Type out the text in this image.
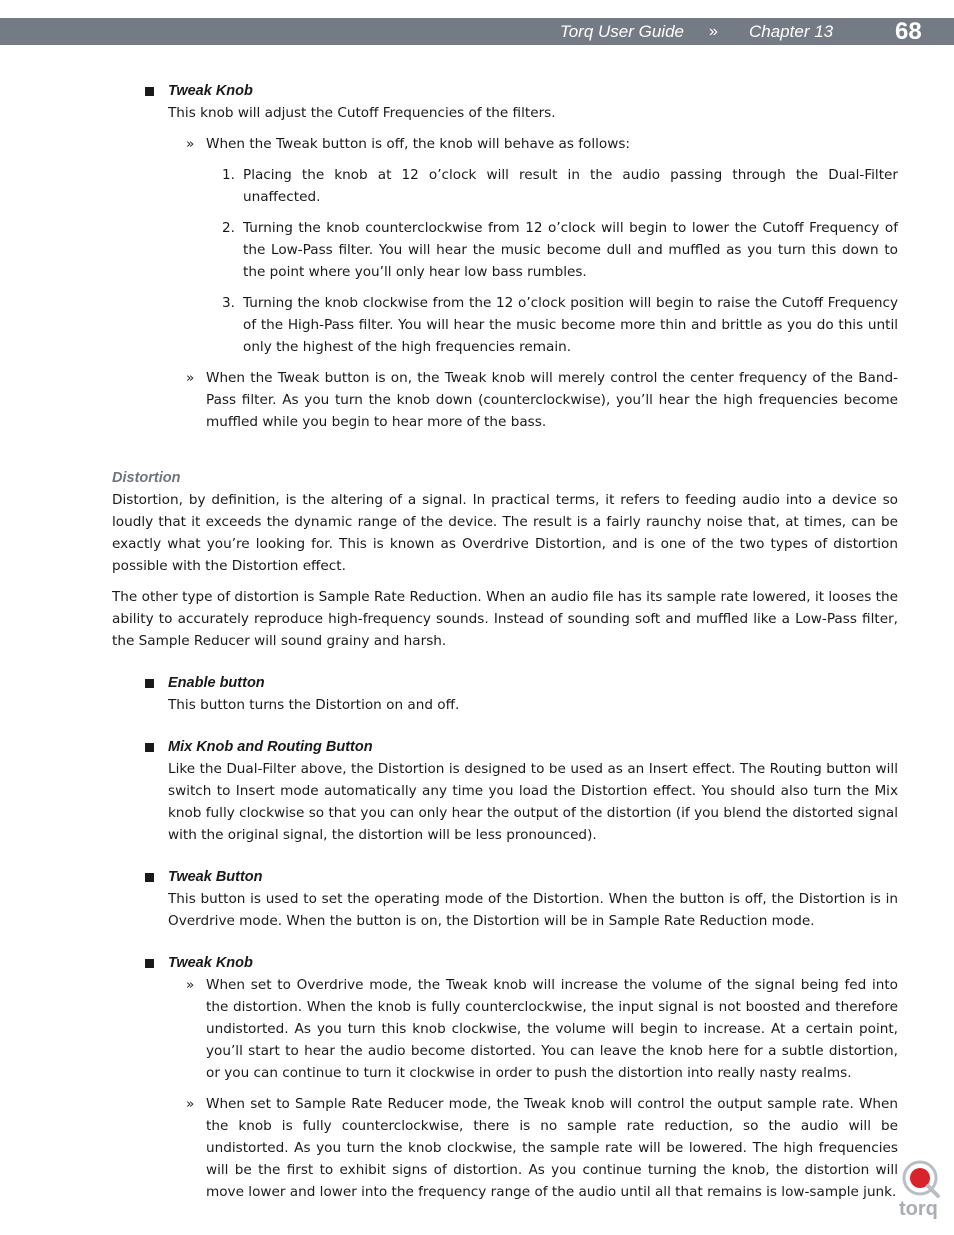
Torq User Guide » Chapter 13	68
Tweak Knob
This knob will adjust the Cutoff Frequencies of the filters.
» When the Tweak button is off, the knob will behave as follows:
1. Placing the knob at 12 o’clock will result in the audio passing through the Dual-Filter unaffected.
2. Turning the knob counterclockwise from 12 o’clock will begin to lower the Cutoff Frequency of the Low-Pass filter. You will hear the music become dull and muffled as you turn this down to the point where you’ll only hear low bass rumbles.
3. Turning the knob clockwise from the 12 o’clock position will begin to raise the Cutoff Frequency of the High-Pass filter. You will hear the music become more thin and brittle as you do this until only the highest of the high frequencies remain.
» When the Tweak button is on, the Tweak knob will merely control the center frequency of the Band-Pass filter. As you turn the knob down (counterclockwise), you’ll hear the high frequencies become muffled while you begin to hear more of the bass.
Distortion
Distortion, by definition, is the altering of a signal. In practical terms, it refers to feeding audio into a device so loudly that it exceeds the dynamic range of the device. The result is a fairly raunchy noise that, at times, can be exactly what you’re looking for. This is known as Overdrive Distortion, and is one of the two types of distortion possible with the Distortion effect.
The other type of distortion is Sample Rate Reduction. When an audio file has its sample rate lowered, it looses the ability to accurately reproduce high-frequency sounds. Instead of sounding soft and muffled like a Low-Pass filter, the Sample Reducer will sound grainy and harsh.
Enable button
This button turns the Distortion on and off.
Mix Knob and Routing Button
Like the Dual-Filter above, the Distortion is designed to be used as an Insert effect. The Routing button will switch to Insert mode automatically any time you load the Distortion effect. You should also turn the Mix knob fully clockwise so that you can only hear the output of the distortion (if you blend the distorted signal with the original signal, the distortion will be less pronounced).
Tweak Button
This button is used to set the operating mode of the Distortion. When the button is off, the Distortion is in Overdrive mode. When the button is on, the Distortion will be in Sample Rate Reduction mode.
Tweak Knob
» When set to Overdrive mode, the Tweak knob will increase the volume of the signal being fed into the distortion. When the knob is fully counterclockwise, the input signal is not boosted and therefore undistorted. As you turn this knob clockwise, the volume will begin to increase. At a certain point, you’ll start to hear the audio become distorted. You can leave the knob here for a subtle distortion, or you can continue to turn it clockwise in order to push the distortion into really nasty realms.
» When set to Sample Rate Reducer mode, the Tweak knob will control the output sample rate. When the knob is fully counterclockwise, there is no sample rate reduction, so the audio will be undistorted. As you turn the knob clockwise, the sample rate will be lowered. The high frequencies will be the first to exhibit signs of distortion. As you continue turning the knob, the distortion will move lower and lower into the frequency range of the audio until all that remains is low-sample junk.
torq
